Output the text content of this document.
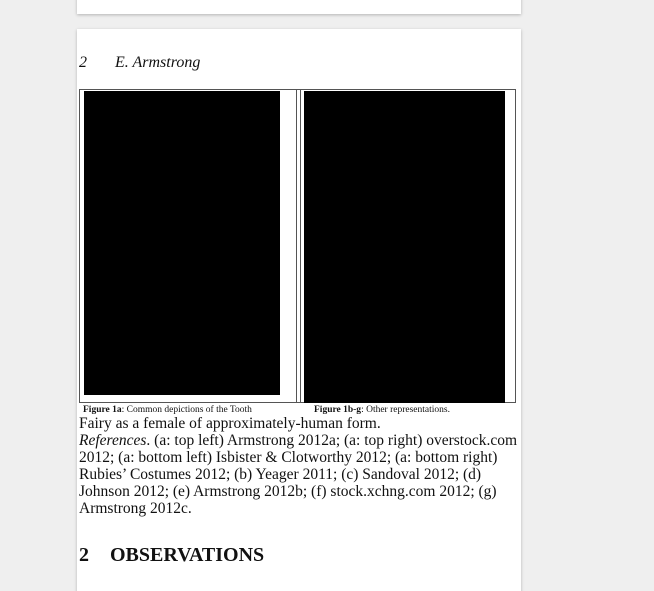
2 E. Armstrong
Figure 1a: Common depictions of the Tooth	Figure 1b-g: Other representations.

Fairy as a female of approximately-human form.

References. (a: top left) Armstrong 2012a; (a: top right) overstock.com 2012; (a: bottom left) Isbister & Clotworthy 2012; (a: bottom right) Rubies’ Costumes 2012; (b) Yeager 2011; (c) Sandoval 2012; (d) Johnson 2012; (e) Armstrong 2012b; (f) stock.xchng.com 2012; (g) Armstrong 2012c.

2 OBSERVATIONS
